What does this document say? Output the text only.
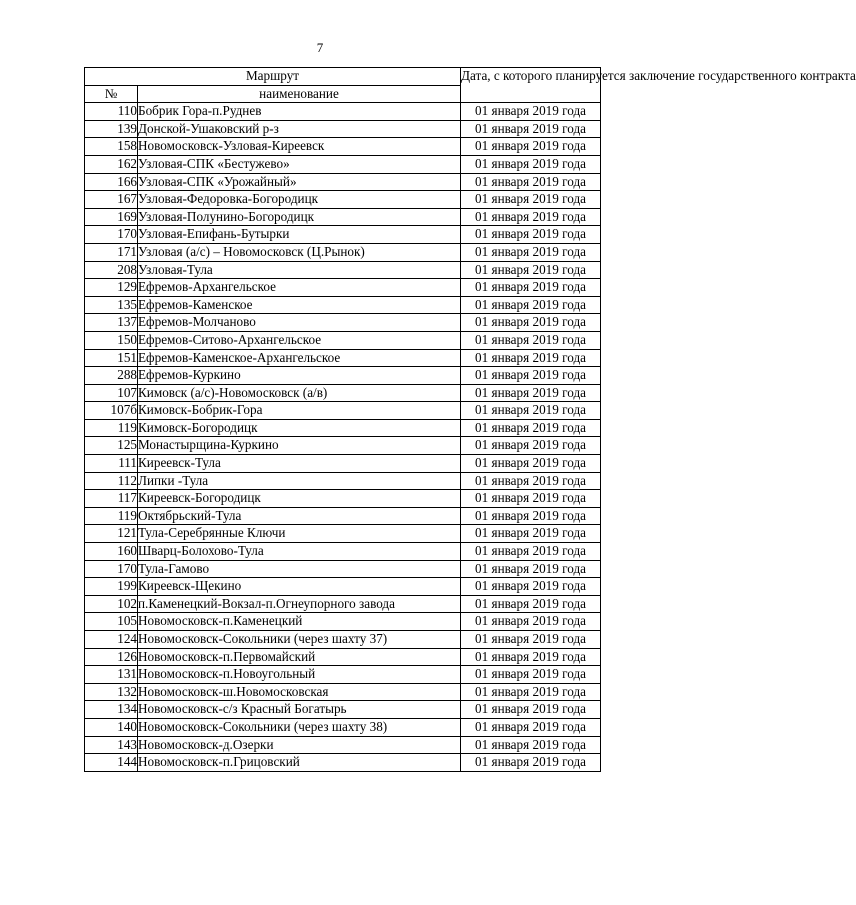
7
Маршрут		Дата, с которого планируется заключение государственного контракта
№	наименование	
110	Бобрик Гора-п.Руднев	01 января 2019 года
139	Донской-Ушаковский р-з	01 января 2019 года
158	Новомосковск-Узловая-Киреевск	01 января 2019 года
162	Узловая-СПК «Бестужево»	01 января 2019 года
166	Узловая-СПК «Урожайный»	01 января 2019 года
167	Узловая-Федоровка-Богородицк	01 января 2019 года
169	Узловая-Полунино-Богородицк	01 января 2019 года
170	Узловая-Епифань-Бутырки	01 января 2019 года
171	Узловая (а/с) – Новомосковск (Ц.Рынок)	01 января 2019 года
208	Узловая-Тула	01 января 2019 года
129	Ефремов-Архангельское	01 января 2019 года
135	Ефремов-Каменское	01 января 2019 года
137	Ефремов-Молчаново	01 января 2019 года
150	Ефремов-Ситово-Архангельское	01 января 2019 года
151	Ефремов-Каменское-Архангельское	01 января 2019 года
288	Ефремов-Куркино	01 января 2019 года
107	Кимовск (а/с)-Новомосковск (а/в)	01 января 2019 года
107б	Кимовск-Бобрик-Гора	01 января 2019 года
119	Кимовск-Богородицк	01 января 2019 года
125	Монастырщина-Куркино	01 января 2019 года
111	Киреевск-Тула	01 января 2019 года
112	Липки -Тула	01 января 2019 года
117	Киреевск-Богородицк	01 января 2019 года
119	Октябрьский-Тула	01 января 2019 года
121	Тула-Серебрянные Ключи	01 января 2019 года
160	Шварц-Болохово-Тула	01 января 2019 года
170	Тула-Гамово	01 января 2019 года
199	Киреевск-Щекино	01 января 2019 года
102	п.Каменецкий-Вокзал-п.Огнеупорного завода	01 января 2019 года
105	Новомосковск-п.Каменецкий	01 января 2019 года
124	Новомосковск-Сокольники (через шахту 37)	01 января 2019 года
126	Новомосковск-п.Первомайский	01 января 2019 года
131	Новомосковск-п.Новоугольный	01 января 2019 года
132	Новомосковск-ш.Новомосковская	01 января 2019 года
134	Новомосковск-с/з Красный Богатырь	01 января 2019 года
140	Новомосковск-Сокольники (через шахту 38)	01 января 2019 года
143	Новомосковск-д.Озерки	01 января 2019 года
144	Новомосковск-п.Грицовский	01 января 2019 года
